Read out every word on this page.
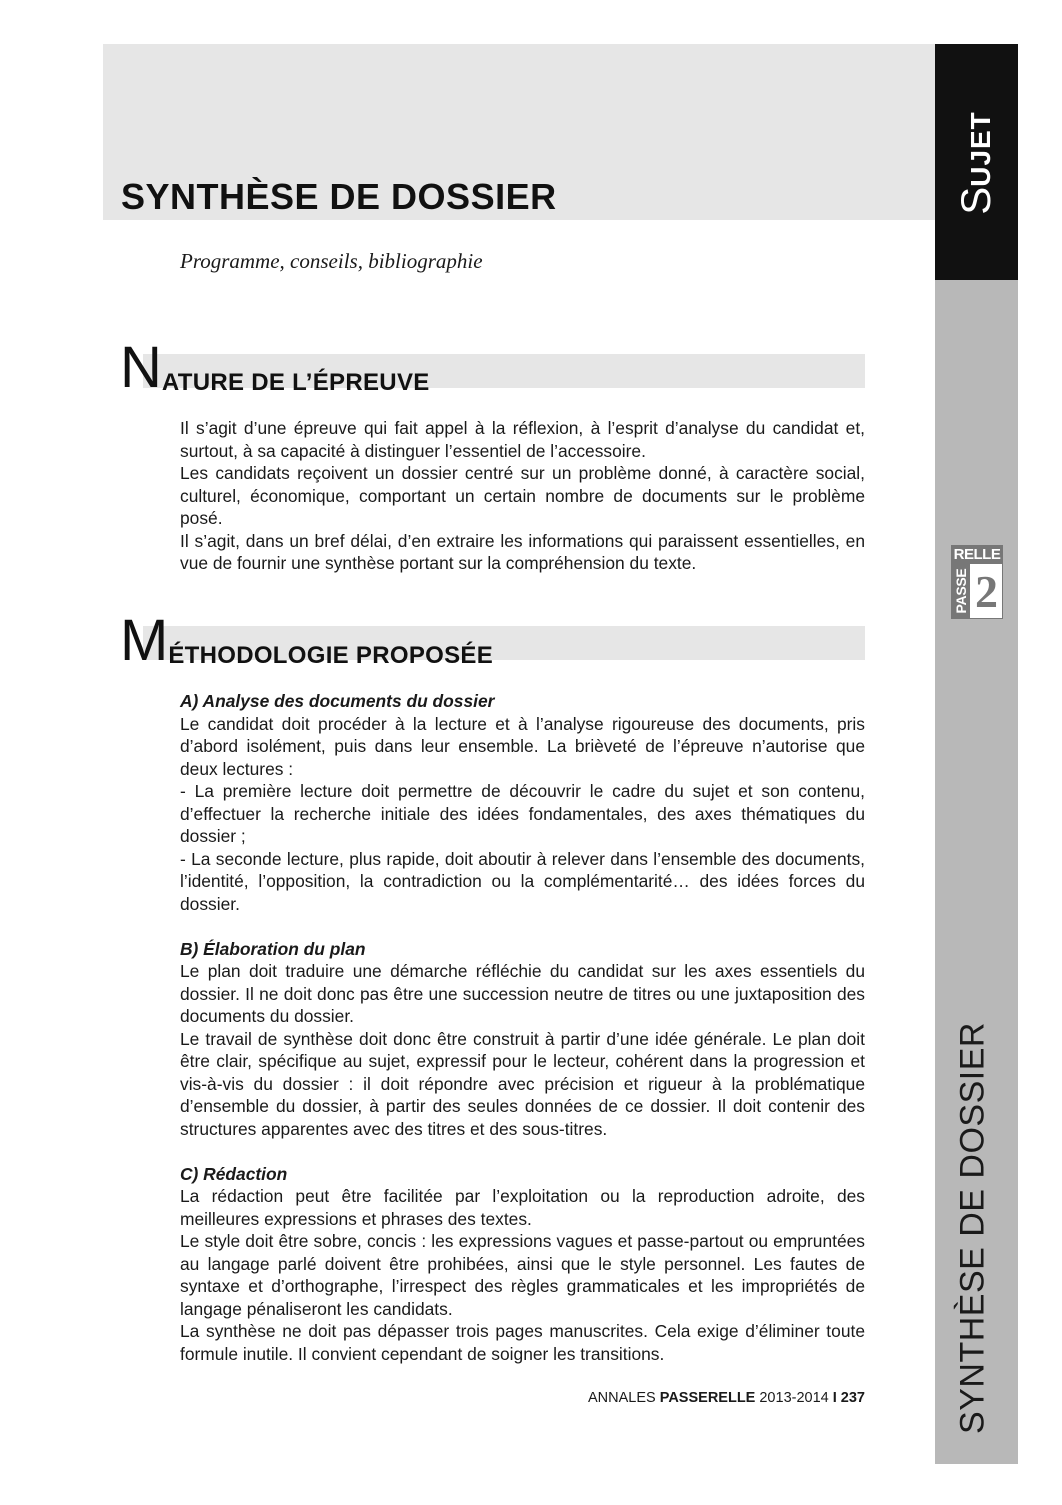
SYNTHÈSE DE DOSSIER

Programme, conseils, bibliographie

SUJET
RELLE
PASSE 2
SYNTHÈSE DE DOSSIER
NATURE DE L’ÉPREUVE

Il s’agit d’une épreuve qui fait appel à la réflexion, à l’esprit d’analyse du candidat et, surtout, à sa capacité à distinguer l’essentiel de l’accessoire.

Les candidats reçoivent un dossier centré sur un problème donné, à caractère social, culturel, économique, comportant un certain nombre de documents sur le problème posé.

Il s’agit, dans un bref délai, d’en extraire les informations qui paraissent essentielles, en vue de fournir une synthèse portant sur la compréhension du texte.

MÉTHODOLOGIE PROPOSÉE

A) Analyse des documents du dossier

Le candidat doit procéder à la lecture et à l’analyse rigoureuse des documents, pris d’abord isolément, puis dans leur ensemble. La brièveté de l’épreuve n’autorise que deux lectures :

- La première lecture doit permettre de découvrir le cadre du sujet et son contenu, d’effectuer la recherche initiale des idées fondamentales, des axes thématiques du dossier ;

- La seconde lecture, plus rapide, doit aboutir à relever dans l’ensemble des documents, l’identité, l’opposition, la contradiction ou la complémentarité… des idées forces du dossier.

B) Élaboration du plan

Le plan doit traduire une démarche réfléchie du candidat sur les axes essentiels du dossier. Il ne doit donc pas être une succession neutre de titres ou une juxtaposition des documents du dossier.

Le travail de synthèse doit donc être construit à partir d’une idée générale. Le plan doit être clair, spécifique au sujet, expressif pour le lecteur, cohérent dans la progression et vis-à-vis du dossier : il doit répondre avec précision et rigueur à la problématique d’ensemble du dossier, à partir des seules données de ce dossier. Il doit contenir des structures apparentes avec des titres et des sous-titres.

C) Rédaction

La rédaction peut être facilitée par l’exploitation ou la reproduction adroite, des meilleures expressions et phrases des textes.

Le style doit être sobre, concis : les expressions vagues et passe-partout ou empruntées au langage parlé doivent être prohibées, ainsi que le style personnel. Les fautes de syntaxe et d’orthographe, l’irrespect des règles grammaticales et les impropriétés de langage pénaliseront les candidats.

La synthèse ne doit pas dépasser trois pages manuscrites. Cela exige d’éliminer toute formule inutile. Il convient cependant de soigner les transitions.

ANNALES PASSERELLE 2013-2014 I 237
